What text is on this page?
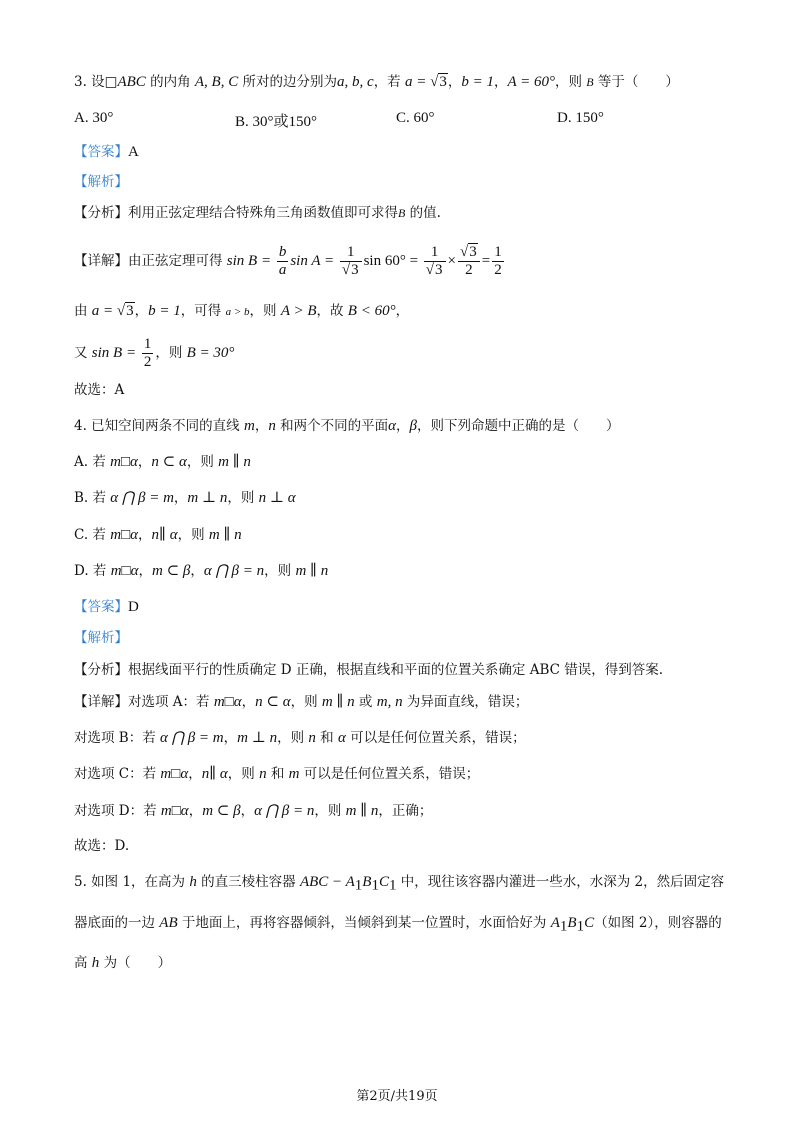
3. 设□ABC 的内角 A, B, C 所对的边分别为a, b, c，若 a = √3，b = 1，A = 60°，则 B 等于（　　）
A. 30°	B. 30°或150°	C. 60°	D. 150°
【答案】A
【解析】
【分析】利用正弦定理结合特殊角三角函数值即可求得B 的值.
【详解】由正弦定理可得 $\sin B = \frac{b}{a}$ $\sin A = \frac{1}{√3}$ $\sin 60^\circ = \frac{1}{√3} \times \frac{√3}{2} = \frac{1}{2}$
由 a = √3，b = 1，可得 a > b，则 A > B，故 B < 60°，
又 $\sin B = \frac{1}{2}$ ，则 B = 30°
故选：A
4. 已知空间两条不同的直线 m，n 和两个不同的平面α，β，则下列命题中正确的是（　　）
A. 若 m□α，n ⊂ α，则 m ∥ n
B. 若 α ⋂ β = m，m ⊥ n，则 n ⊥ α
C. 若 m□α，n∥ α，则 m ∥ n
D. 若 m□α，m ⊂ β，α ⋂ β = n，则 m ∥ n
【答案】D
【解析】
【分析】根据线面平行的性质确定 D 正确，根据直线和平面的位置关系确定 ABC 错误，得到答案.
【详解】对选项 A：若 m□α，n ⊂ α，则 m ∥ n 或 m, n 为异面直线，错误；
对选项 B：若 α ⋂ β = m，m ⊥ n，则 n 和 α 可以是任何位置关系，错误；
对选项 C：若 m□α，n∥ α，则 n 和 m 可以是任何位置关系，错误；
对选项 D：若 m□α，m ⊂ β，α ⋂ β = n，则 m ∥ n，正确；
故选：D.
5. 如图 1，在高为 h 的直三棱柱容器 ABC − $A_1B_1C_1$ 中，现往该容器内灌进一些水，水深为 2，然后固定容
器底面的一边 AB 于地面上，再将容器倾斜，当倾斜到某一位置时，水面恰好为 $A_1B_1C$（如图 2），则容器的
高 h 为（　　）
第2页/共19页
